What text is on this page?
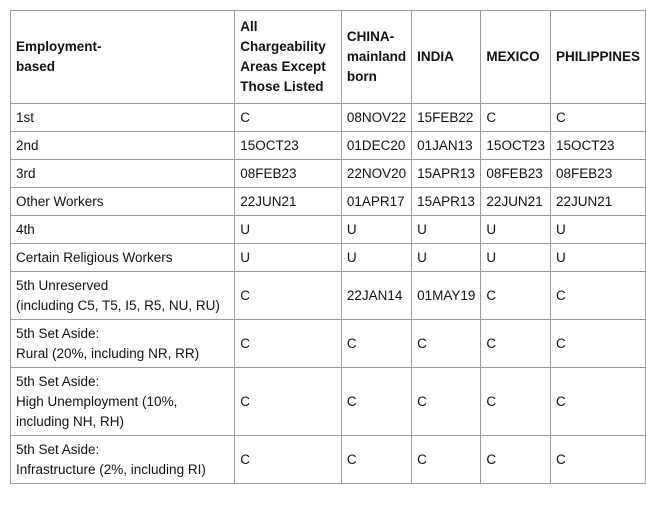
Employment-
based	All
Chargeability
Areas Except
Those Listed	CHINA-
mainland
born	INDIA	MEXICO	PHILIPPINES

1st	C	08NOV22	15FEB22	C	C

2nd	15OCT23	01DEC20	01JAN13	15OCT23	15OCT23

3rd	08FEB23	22NOV20	15APR13	08FEB23	08FEB23

Other Workers	22JUN21	01APR17	15APR13	22JUN21	22JUN21

4th	U	U	U	U	U

Certain Religious Workers	U	U	U	U	U

5th Unreserved
(including C5, T5, I5, R5, NU, RU)	C	22JAN14	01MAY19	C	C

5th Set Aside:
Rural (20%, including NR, RR)	C	C	C	C	C

5th Set Aside:
High Unemployment (10%,
including NH, RH)	C	C	C	C	C

5th Set Aside:
Infrastructure (2%, including RI)	C	C	C	C	C
